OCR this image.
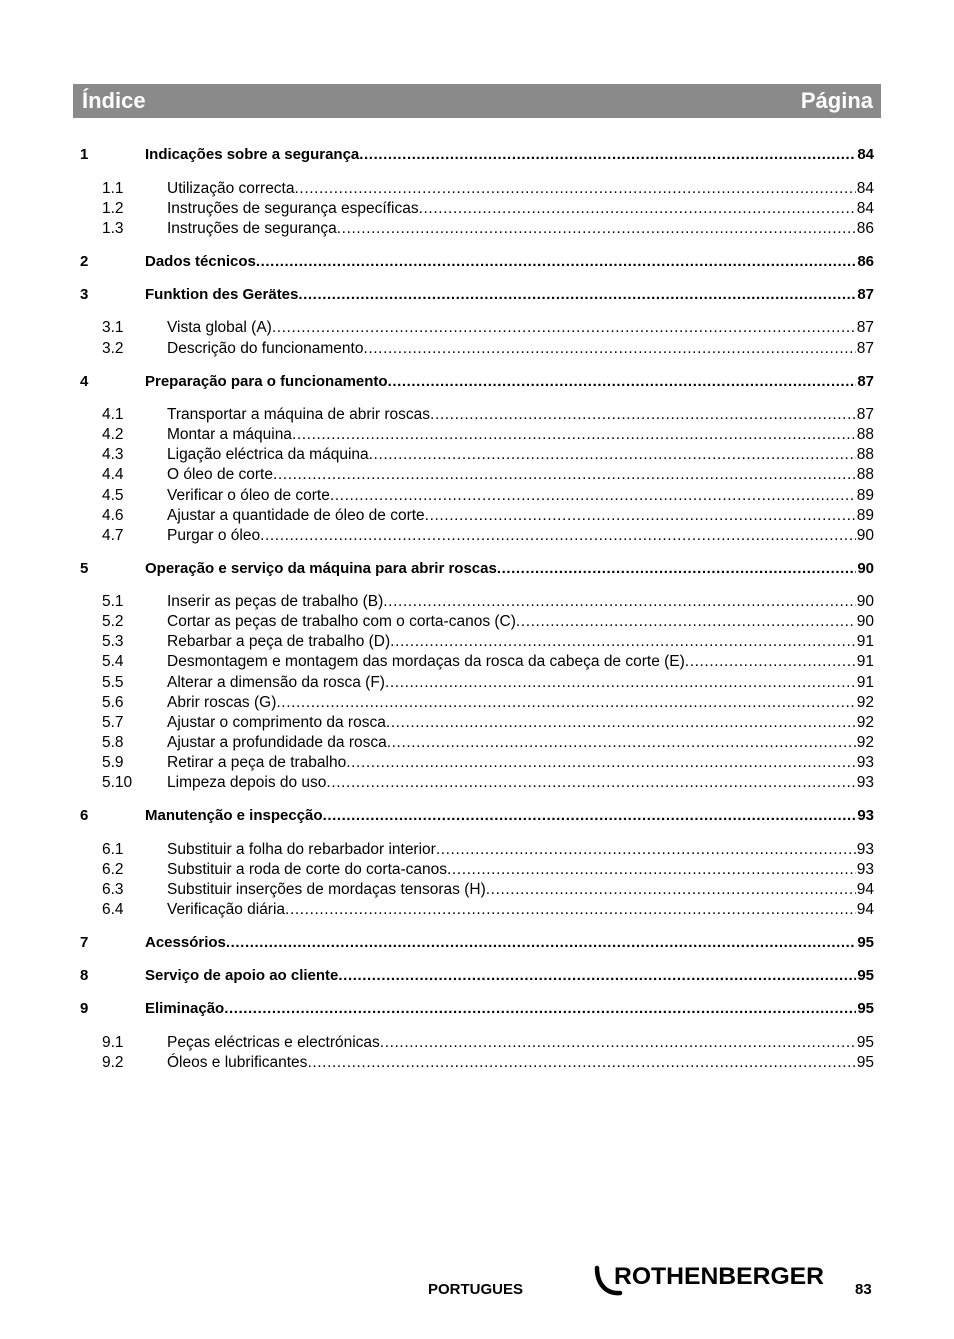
Índice	Página
1	Indicações sobre a segurança .....	84
1.1	Utilização correcta .....	84
1.2	Instruções de segurança específicas .....	84
1.3	Instruções de segurança .....	86
2	Dados técnicos .....	86
3	Funktion des Gerätes .....	87
3.1	Vista global (A) .....	87
3.2	Descrição do funcionamento .....	87
4	Preparação para o funcionamento .....	87
4.1	Transportar a máquina de abrir roscas .....	87
4.2	Montar a máquina .....	88
4.3	Ligação eléctrica da máquina .....	88
4.4	O óleo de corte .....	88
4.5	Verificar o óleo de corte .....	89
4.6	Ajustar a quantidade de óleo de corte .....	89
4.7	Purgar o óleo .....	90
5	Operação e serviço da máquina para abrir roscas .....	90
5.1	Inserir as peças de trabalho (B) .....	90
5.2	Cortar as peças de trabalho com o corta-canos (C) .....	90
5.3	Rebarbar a peça de trabalho (D) .....	91
5.4	Desmontagem e montagem das mordaças da rosca da cabeça de corte (E) .....	91
5.5	Alterar a dimensão da rosca (F) .....	91
5.6	Abrir roscas (G) .....	92
5.7	Ajustar o comprimento da rosca .....	92
5.8	Ajustar a profundidade da rosca .....	92
5.9	Retirar a peça de trabalho .....	93
5.10 Limpeza depois do uso .....	93
6	Manutenção e inspecção .....	93
6.1	Substituir a folha do rebarbador interior .....	93
6.2	Substituir a roda de corte do corta-canos .....	93
6.3	Substituir inserções de mordaças tensoras (H) .....	94
6.4	Verificação diária .....	94
7	Acessórios .....	95
8	Serviço de apoio ao cliente .....	95
9	Eliminação .....	95
9.1	Peças eléctricas e electrónicas .....	95
9.2	Óleos e lubrificantes .....	95
PORTUGUES	ROTHENBERGER 83
